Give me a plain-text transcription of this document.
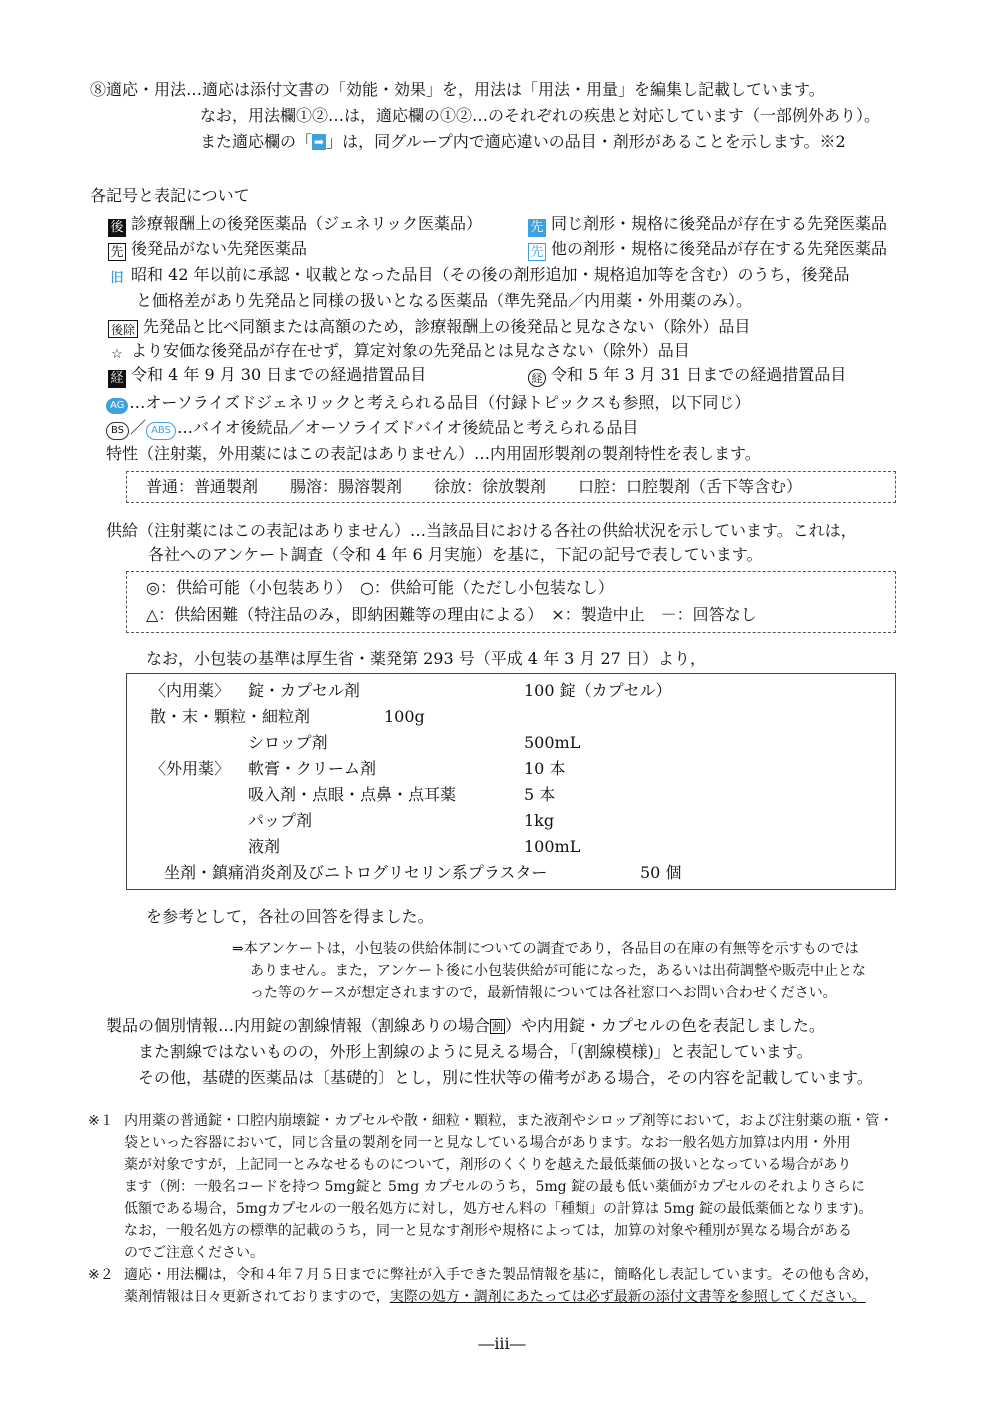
⑧適応・用法…適応は添付文書の「効能・効果」を，用法は「用法・用量」を編集し記載しています。
なお，用法欄①②…は，適応欄の①②…のそれぞれの疾患と対応しています（一部例外あり）。
また適応欄の「 ➡ 」は，同グループ内で適応違いの品目・剤形があることを示します。※2
各記号と表記について
後 診療報酬上の後発医薬品（ジェネリック医薬品）	先 同じ剤形・規格に後発品が存在する先発医薬品
先 後発品がない先発医薬品	先 他の剤形・規格に後発品が存在する先発医薬品
旧 昭和 42 年以前に承認・収載となった品目（その後の剤形追加・規格追加等を含む）のうち，後発品
と価格差があり先発品と同様の扱いとなる医薬品（準先発品／内用薬・外用薬のみ）。
後除 先発品と比べ同額または高額のため，診療報酬上の後発品と見なさない（除外）品目
☆ より安価な後発品が存在せず，算定対象の先発品とは見なさない（除外）品目
経 令和 4 年 9 月 30 日までの経過措置品目	経 令和 5 年 3 月 31 日までの経過措置品目
AG …オーソライズドジェネリックと考えられる品目（付録トピックスも参照，以下同じ）
BS ／ ABS …バイオ後続品／オーソライズドバイオ後続品と考えられる品目
特性（注射薬，外用薬にはこの表記はありません）…内用固形製剤の製剤特性を表します。
普通：普通製剤　　腸溶：腸溶製剤　　徐放：徐放製剤　　口腔：口腔製剤（舌下等含む）
供給（注射薬にはこの表記はありません）…当該品目における各社の供給状況を示しています。これは，
各社へのアンケート調査（令和 4 年 6 月実施）を基に，下記の記号で表しています。
◎：供給可能（小包装あり）　○：供給可能（ただし小包装なし）
△：供給困難（特注品のみ，即納困難等の理由による）　×：製造中止　－：回答なし
なお，小包装の基準は厚生省・薬発第 293 号（平成 4 年 3 月 27 日）より，
〈内用薬〉 錠・カプセル剤	100 錠（カプセル）
散・末・顆粒・細粒剤	100g
シロップ剤	500mL
〈外用薬〉 軟膏・クリーム剤	10 本
吸入剤・点眼・点鼻・点耳薬	5 本
パップ剤	1kg
液剤	100mL
坐剤・鎮痛消炎剤及びニトログリセリン系プラスター	50 個
を参考として，各社の回答を得ました。
⇒本アンケートは，小包装の供給体制についての調査であり，各品目の在庫の有無等を示すものでは
ありません。また，アンケート後に小包装供給が可能になった，あるいは出荷調整や販売中止とな
った等のケースが想定されますので，最新情報については各社窓口へお問い合わせください。
製品の個別情報…内用錠の割線情報（割線ありの場合 割 ）や内用錠・カプセルの色を表記しました。
また割線ではないものの，外形上割線のように見える場合，「(割線模様)」と表記しています。
その他，基礎的医薬品は〔基礎的〕とし，別に性状等の備考がある場合，その内容を記載しています。
※１ 内用薬の普通錠・口腔内崩壊錠・カプセルや散・細粒・顆粒，また液剤やシロップ剤等において，および注射薬の瓶・管・
袋といった容器において，同じ含量の製剤を同一と見なしている場合があります。なお一般名処方加算は内用・外用
薬が対象ですが，上記同一とみなせるものについて，剤形のくくりを越えた最低薬価の扱いとなっている場合があり
ます（例：一般名コードを持つ 5mg錠と 5mg カプセルのうち，5mg 錠の最も低い薬価がカプセルのそれよりさらに
低額である場合，5mgカプセルの一般名処方に対し，処方せん料の「種類」の計算は 5mg 錠の最低薬価となります)。
なお，一般名処方の標準的記載のうち，同一と見なす剤形や規格によっては，加算の対象や種別が異なる場合がある
のでご注意ください。
※２ 適応・用法欄は，令和４年７月５日までに弊社が入手できた製品情報を基に，簡略化し表記しています。その他も含め，
薬剤情報は日々更新されておりますので，実際の処方・調剤にあたっては必ず最新の添付文書等を参照してください。
―iii―
